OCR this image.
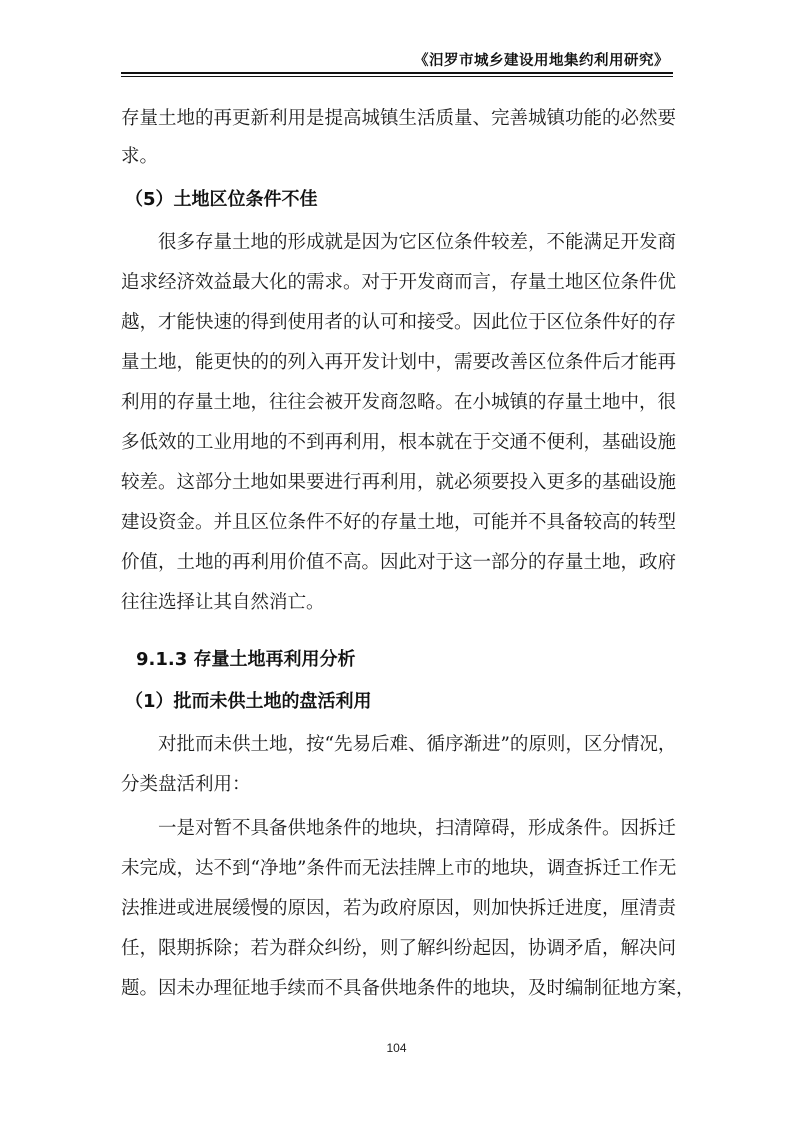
《汨罗市城乡建设用地集约利用研究》
存量土地的再更新利用是提高城镇生活质量、完善城镇功能的必然要
求。
（5）土地区位条件不佳
很多存量土地的形成就是因为它区位条件较差，不能满足开发商
追求经济效益最大化的需求。对于开发商而言，存量土地区位条件优
越，才能快速的得到使用者的认可和接受。因此位于区位条件好的存
量土地，能更快的的列入再开发计划中，需要改善区位条件后才能再
利用的存量土地，往往会被开发商忽略。在小城镇的存量土地中，很
多低效的工业用地的不到再利用，根本就在于交通不便利，基础设施
较差。这部分土地如果要进行再利用，就必须要投入更多的基础设施
建设资金。并且区位条件不好的存量土地，可能并不具备较高的转型
价值，土地的再利用价值不高。因此对于这一部分的存量土地，政府
往往选择让其自然消亡。
9.1.3 存量土地再利用分析
（1）批而未供土地的盘活利用
对批而未供土地，按“先易后难、循序渐进”的原则，区分情况，
分类盘活利用：
一是对暂不具备供地条件的地块，扫清障碍，形成条件。因拆迁
未完成，达不到“净地”条件而无法挂牌上市的地块，调查拆迁工作无
法推进或进展缓慢的原因，若为政府原因，则加快拆迁进度，厘清责
任，限期拆除；若为群众纠纷，则了解纠纷起因，协调矛盾，解决问
题。因未办理征地手续而不具备供地条件的地块，及时编制征地方案，
104
